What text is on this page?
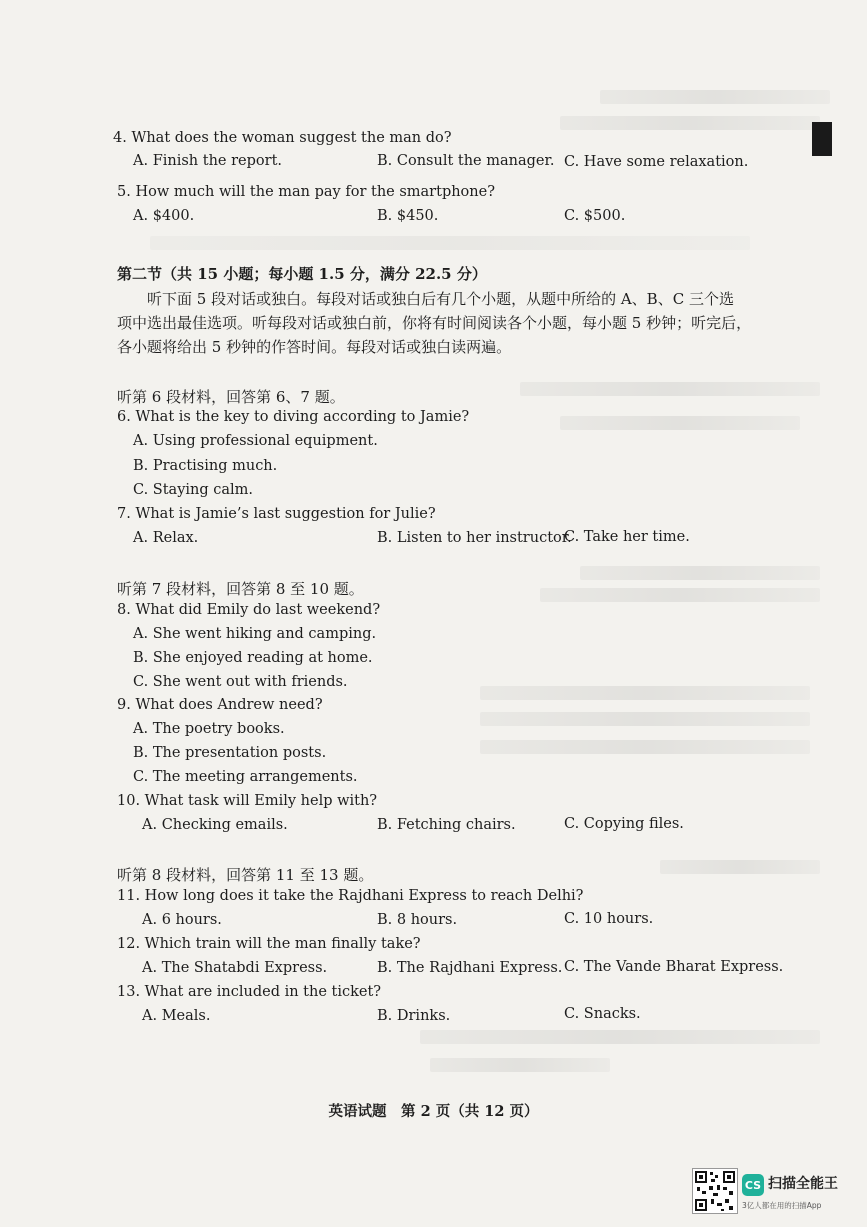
4. What does the woman suggest the man do?
A. Finish the report.	B. Consult the manager. C. Have some relaxation.
5. How much will the man pay for the smartphone?
A. $400.	B. $450.	C. $500.
第二节（共 15 小题；每小题 1.5 分，满分 22.5 分）
听下面 5 段对话或独白。每段对话或独白后有几个小题，从题中所给的 A、B、C 三个选
项中选出最佳选项。听每段对话或独白前，你将有时间阅读各个小题，每小题 5 秒钟；听完后，
各小题将给出 5 秒钟的作答时间。每段对话或独白读两遍。
听第 6 段材料，回答第 6、7 题。
6. What is the key to diving according to Jamie?
A. Using professional equipment.
B. Practising much.
C. Staying calm.
7. What is Jamie’s last suggestion for Julie?
A. Relax.	B. Listen to her instructor.
C. Take her time.
听第 7 段材料，回答第 8 至 10 题。
8. What did Emily do last weekend?
A. She went hiking and camping.
B. She enjoyed reading at home.
C. She went out with friends.
9. What does Andrew need?
A. The poetry books.
B. The presentation posts.
C. The meeting arrangements.
10. What task will Emily help with?
A. Checking emails.	B. Fetching chairs.	C. Copying files.
听第 8 段材料，回答第 11 至 13 题。
11. How long does it take the Rajdhani Express to reach Delhi?
A. 6 hours.	B. 8 hours.	C. 10 hours.
12. Which train will the man finally take?
A. The Shatabdi Express.	B. The Rajdhani Express. C. The Vande Bharat Express.
13. What are included in the ticket?
A. Meals.	B. Drinks.	C. Snacks.
英语试题　第 2 页（共 12 页）
CS 扫描全能王
3亿人都在用的扫描App
